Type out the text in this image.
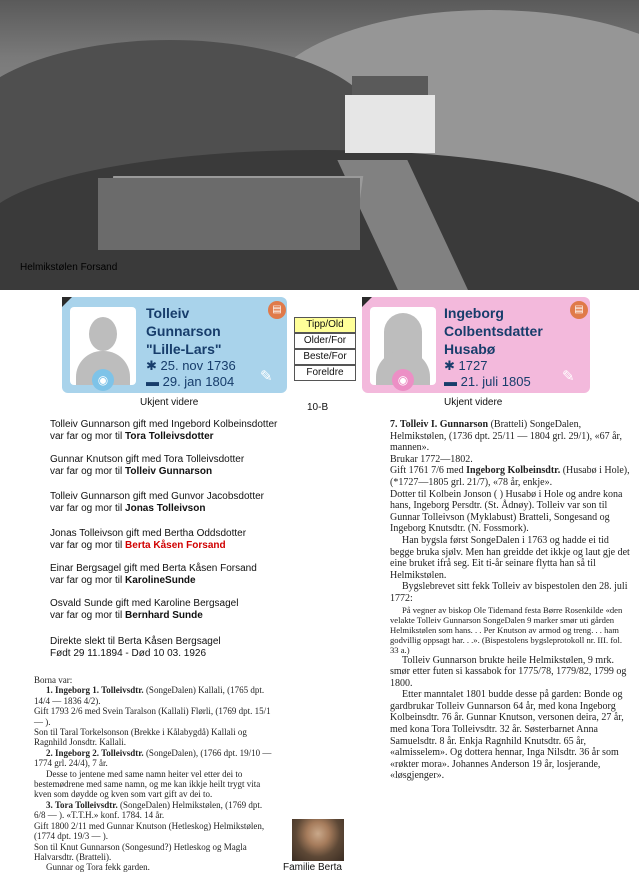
Helmikstølen Forsand
◉
Tolleiv
Gunnarson
"Lille-Lars"
✱ 25. nov 1736
▬ 29. jan 1804
▤
✎
Ukjent videre
◉
Ingeborg
Colbentsdatter
Husabø
✱ 1727
▬ 21. juli 1805
▤
✎
Ukjent videre
Tipp/Old
Older/For
Beste/For
Foreldre
10-B
Tolleiv Gunnarson gift med Ingebord Kolbeinsdotter
var far og mor til Tora Tolleivsdotter
Gunnar Knutson gift med Tora Tolleivsdotter
var far og mor til Tolleiv Gunnarson
Tolleiv Gunnarson gift med Gunvor Jacobsdotter
var far og mor til Jonas Tolleivson
Jonas Tolleivson gift med Bertha Oddsdotter
var far og mor til Berta Kåsen Forsand
Einar Bergsagel gift med Berta Kåsen Forsand
var far og mor til KarolineSunde
Osvald Sunde gift med Karoline Bergsagel
var far og mor til Bernhard Sunde
Direkte slekt til Berta Kåsen Bergsagel
Født 29 11.1894 - Død 10 03. 1926

7. Tolleiv I. Gunnarson (Bratteli) SongeDalen, Helmikstølen, (1736 dpt. 25/11 — 1804 grl. 29/1), «67 år, mannen».

Brukar 1772—1802.

Gift 1761 7/6 med Ingeborg Kolbeinsdtr. (Husabø i Hole), (*1727—1805 grl. 21/7), «78 år, enkje».

Dotter til Kolbein Jonson ( ) Husabø i Hole og andre kona hans, Ingeborg Persdtr. (St. Ådnøy). Tolleiv var son til Gunnar Tolleivson (Myklabust) Bratteli, Songesand og Ingeborg Knutsdtr. (N. Fossmork).

Han bygsla først SongeDalen i 1763 og hadde ei tid begge bruka sjølv. Men han greidde det ikkje og laut gje det eine bruket ifrå seg. Eit ti-år seinare flytta han så til Helmikstølen.

Bygslebrevet sitt fekk Tolleiv av bispestolen den 28. juli 1772:

På vegner av biskop Ole Tidemand festa Børre Rosenkilde «den velakte Tolleiv Gunnarson SongeDalen 9 marker smør uti gården Helmikstølen som hans. . . Per Knutson av armod og treng. . . ham godvillig oppsagt har. . .». (Bispestolens bygsleprotokoll nr. III. fol. 33 a.)

Tolleiv Gunnarson brukte heile Helmikstølen, 9 mrk. smør etter futen si kassabok for 1775/78, 1779/82, 1799 og 1800.

Etter manntalet 1801 budde desse på garden: Bonde og gardbrukar Tolleiv Gunnarson 64 år, med kona Ingeborg Kolbeinsdtr. 76 år. Gunnar Knutson, versonen deira, 27 år, med kona Tora Tolleivsdtr. 32 år. Søsterbarnet Anna Samuelsdtr. 8 år. Enkja Ragnhild Knutsdtr. 65 år, «almisselem». Og dottera hennar, Inga Nilsdtr. 36 år som «røkter mora». Johannes Anderson 19 år, losjerande, «løsgjenger».

Borna var:

1. Ingeborg 1. Tolleivsdtr. (SongeDalen) Kallali, (1765 dpt. 14/4 — 1836 4/2).

Gift 1793 2/6 med Svein Taralson (Kallali) Flørli, (1769 dpt. 15/1 — ).

Son til Taral Torkelsonson (Brekke i Kålabygdå) Kallali og Ragnhild Jonsdtr. Kallali.

2. Ingeborg 2. Tolleivsdtr. (SongeDalen), (1766 dpt. 19/10 — 1774 grl. 24/4), 7 år.

Desse to jentene med same namn heiter vel etter dei to bestemødrene med same namn, og me kan ikkje heilt trygt vita kven som døydde og kven som vart gift av dei to.

3. Tora Tolleivsdtr. (SongeDalen) Helmikstølen, (1769 dpt. 6/8 — ). «T.T.H.» konf. 1784. 14 år.

Gift 1800 2/11 med Gunnar Knutson (Hetleskog) Helmikstølen, (1774 dpt. 19/3 — ).

Son til Knut Gunnarson (Songesund?) Hetleskog og Magla Halvarsdtr. (Bratteli).

Gunnar og Tora fekk garden.	Familie Berta
